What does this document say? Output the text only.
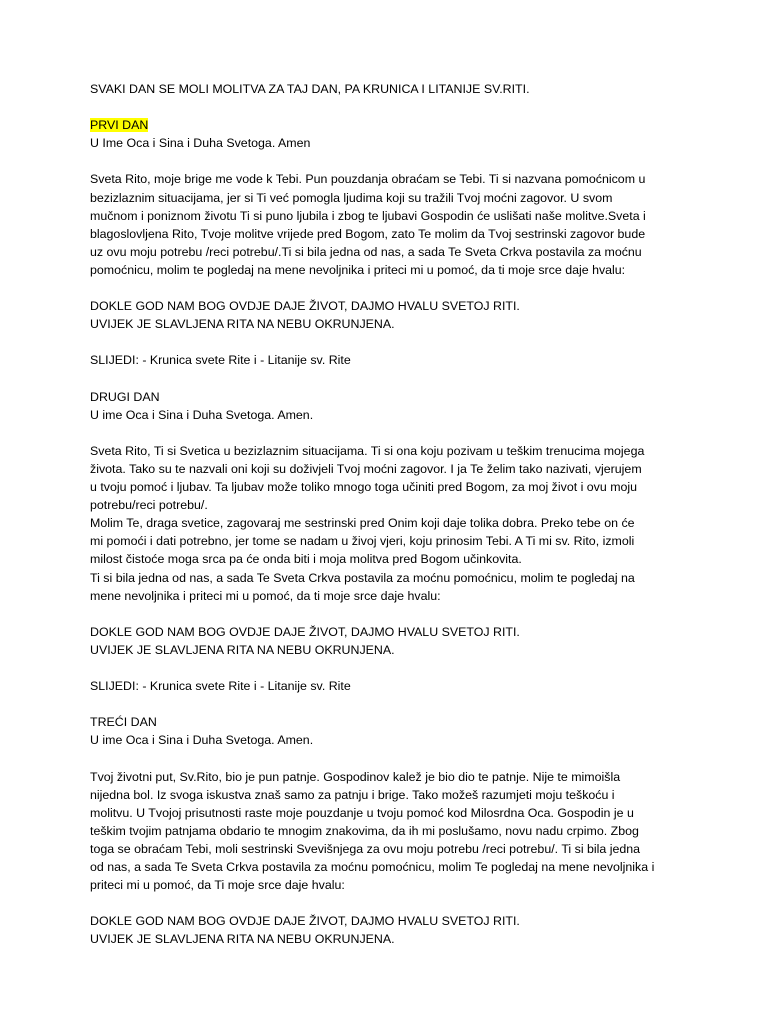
SVAKI DAN SE MOLI MOLITVA ZA TAJ DAN, PA KRUNICA I LITANIJE SV.RITI.

PRVI DAN
U Ime Oca i Sina i Duha Svetoga. Amen

Sveta Rito, moje brige me vode k Tebi. Pun pouzdanja obraćam se Tebi. Ti si nazvana pomoćnicom u
bezizlaznim situacijama, jer si Ti već pomogla ljudima koji su tražili Tvoj moćni zagovor. U svom
mučnom i poniznom životu Ti si puno ljubila i zbog te ljubavi Gospodin će uslišati naše molitve.Sveta i
blagoslovljena Rito, Tvoje molitve vrijede pred Bogom, zato Te molim da Tvoj sestrinski zagovor bude
uz ovu moju potrebu /reci potrebu/.Ti si bila jedna od nas, a sada Te Sveta Crkva postavila za moćnu
pomoćnicu, molim te pogledaj na mene nevoljnika i priteci mi u pomoć, da ti moje srce daje hvalu:

DOKLE GOD NAM BOG OVDJE DAJE ŽIVOT, DAJMO HVALU SVETOJ RITI.
UVIJEK JE SLAVLJENA RITA NA NEBU OKRUNJENA.

SLIJEDI: - Krunica svete Rite i - Litanije sv. Rite

DRUGI DAN
U ime Oca i Sina i Duha Svetoga. Amen.

Sveta Rito, Ti si Svetica u bezizlaznim situacijama. Ti si ona koju pozivam u teškim trenucima mojega
života. Tako su te nazvali oni koji su doživjeli Tvoj moćni zagovor. I ja Te želim tako nazivati, vjerujem
u tvoju pomoć i ljubav. Ta ljubav može toliko mnogo toga učiniti pred Bogom, za moj život i ovu moju
potrebu/reci potrebu/.
Molim Te, draga svetice, zagovaraj me sestrinski pred Onim koji daje tolika dobra. Preko tebe on će
mi pomoći i dati potrebno, jer tome se nadam u živoj vjeri, koju prinosim Tebi. A Ti mi sv. Rito, izmoli
milost čistoće moga srca pa će onda biti i moja molitva pred Bogom učinkovita.
Ti si bila jedna od nas, a sada Te Sveta Crkva postavila za moćnu pomoćnicu, molim te pogledaj na
mene nevoljnika i priteci mi u pomoć, da ti moje srce daje hvalu:

DOKLE GOD NAM BOG OVDJE DAJE ŽIVOT, DAJMO HVALU SVETOJ RITI.
UVIJEK JE SLAVLJENA RITA NA NEBU OKRUNJENA.

SLIJEDI: - Krunica svete Rite i - Litanije sv. Rite

TREĆI DAN
U ime Oca i Sina i Duha Svetoga. Amen.

Tvoj životni put, Sv.Rito, bio je pun patnje. Gospodinov kalež je bio dio te patnje. Nije te mimoišla
nijedna bol. Iz svoga iskustva znaš samo za patnju i brige. Tako možeš razumjeti moju teškoću i
molitvu. U Tvojoj prisutnosti raste moje pouzdanje u tvoju pomoć kod Milosrdna Oca. Gospodin je u
teškim tvojim patnjama obdario te mnogim znakovima, da ih mi poslušamo, novu nadu crpimo. Zbog
toga se obraćam Tebi, moli sestrinski Svevišnjega za ovu moju potrebu /reci potrebu/. Ti si bila jedna
od nas, a sada Te Sveta Crkva postavila za moćnu pomoćnicu, molim Te pogledaj na mene nevoljnika i
priteci mi u pomoć, da Ti moje srce daje hvalu:

DOKLE GOD NAM BOG OVDJE DAJE ŽIVOT, DAJMO HVALU SVETOJ RITI.
UVIJEK JE SLAVLJENA RITA NA NEBU OKRUNJENA.
